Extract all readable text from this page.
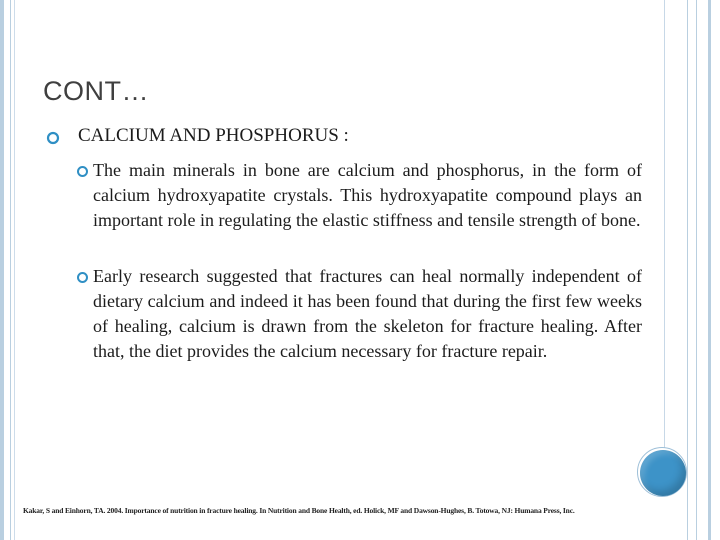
CONT…
CALCIUM AND PHOSPHORUS :
The main minerals in bone are calcium and phosphorus, in the form of calcium hydroxyapatite crystals. This hydroxyapatite compound plays an important role in regulating the elastic stiffness and tensile strength of bone.
Early research suggested that fractures can heal normally independent of dietary calcium and indeed it has been found that during the first few weeks of healing, calcium is drawn from the skeleton for fracture healing. After that, the diet provides the calcium necessary for fracture repair.
Kakar, S and Einhorn, TA. 2004. Importance of nutrition in fracture healing. In Nutrition and Bone Health, ed. Holick, MF and Dawson-Hughes, B. Totowa, NJ: Humana Press, Inc.
